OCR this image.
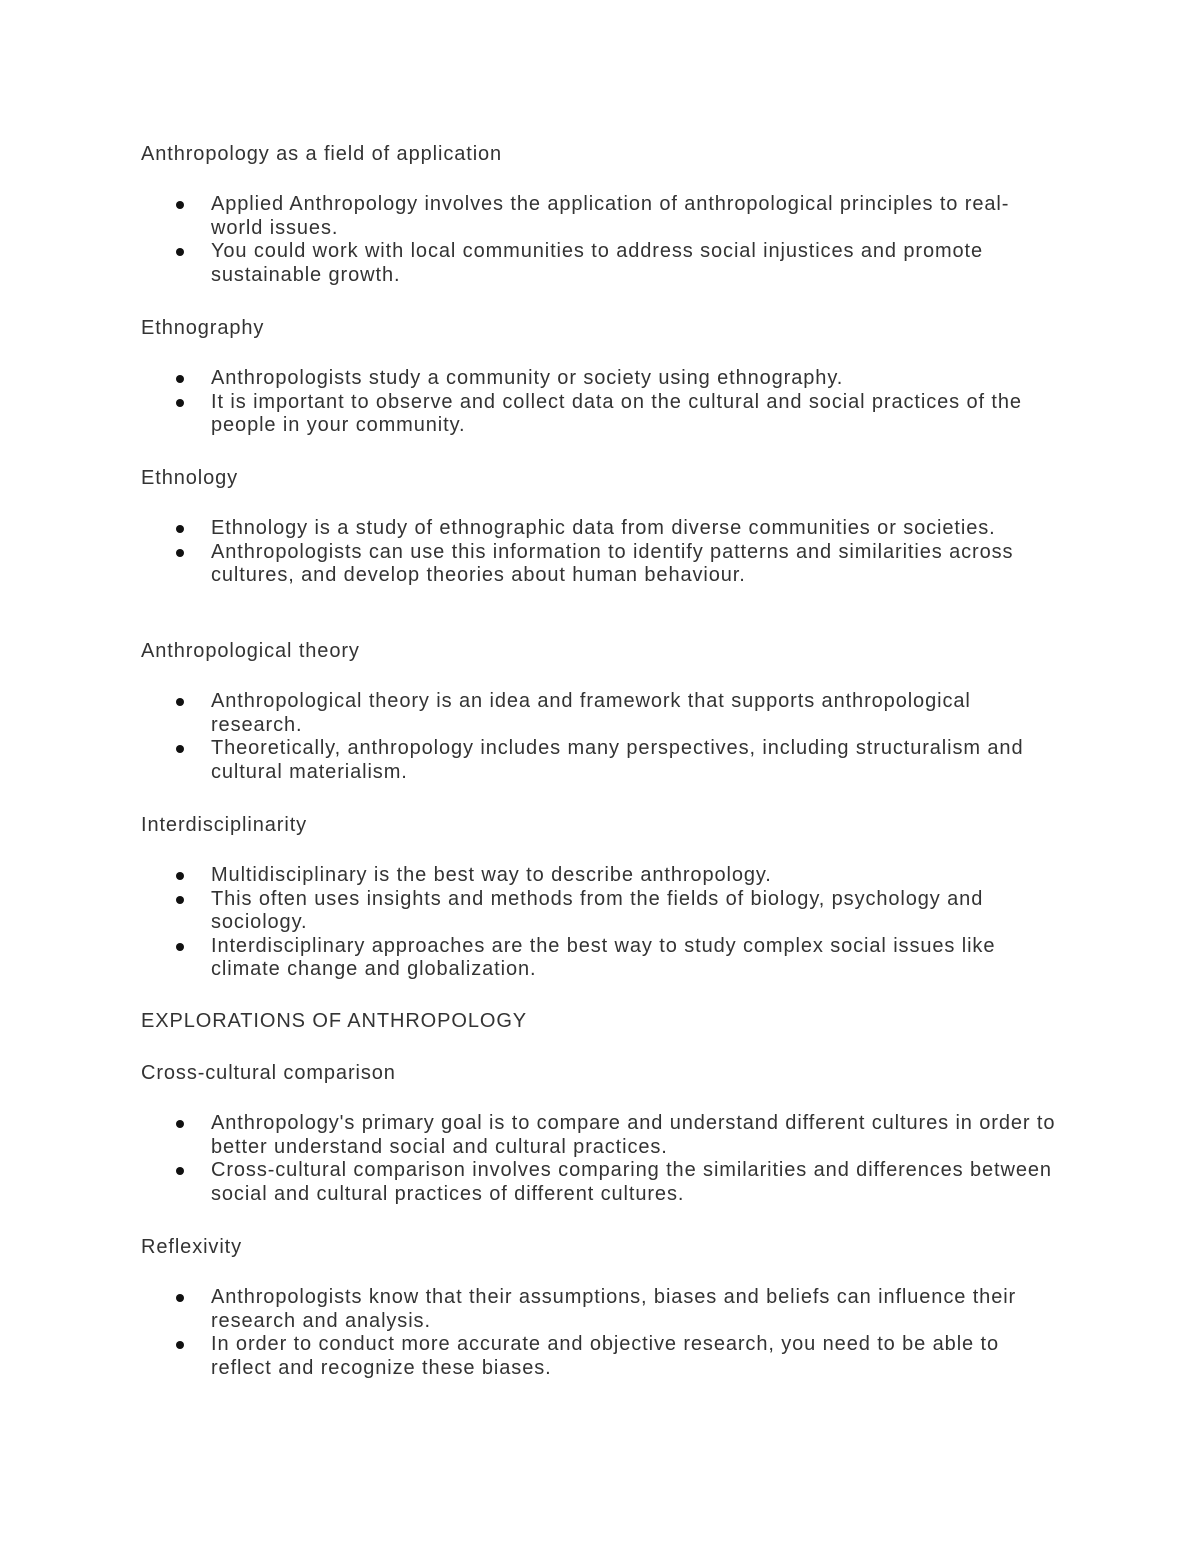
Anthropology as a field of application

Applied Anthropology involves the application of anthropological principles to real-world issues.
You could work with local communities to address social injustices and promote sustainable growth.

Ethnography

Anthropologists study a community or society using ethnography.
It is important to observe and collect data on the cultural and social practices of the people in your community.

Ethnology

Ethnology is a study of ethnographic data from diverse communities or societies.
Anthropologists can use this information to identify patterns and similarities across cultures, and develop theories about human behaviour.

Anthropological theory

Anthropological theory is an idea and framework that supports anthropological research.
Theoretically, anthropology includes many perspectives, including structuralism and cultural materialism.

Interdisciplinarity

Multidisciplinary is the best way to describe anthropology.
This often uses insights and methods from the fields of biology, psychology and sociology.
Interdisciplinary approaches are the best way to study complex social issues like climate change and globalization.

EXPLORATIONS OF ANTHROPOLOGY

Cross-cultural comparison

Anthropology's primary goal is to compare and understand different cultures in order to better understand social and cultural practices.
Cross-cultural comparison involves comparing the similarities and differences between social and cultural practices of different cultures.

Reflexivity

Anthropologists know that their assumptions, biases and beliefs can influence their research and analysis.
In order to conduct more accurate and objective research, you need to be able to reflect and recognize these biases.
